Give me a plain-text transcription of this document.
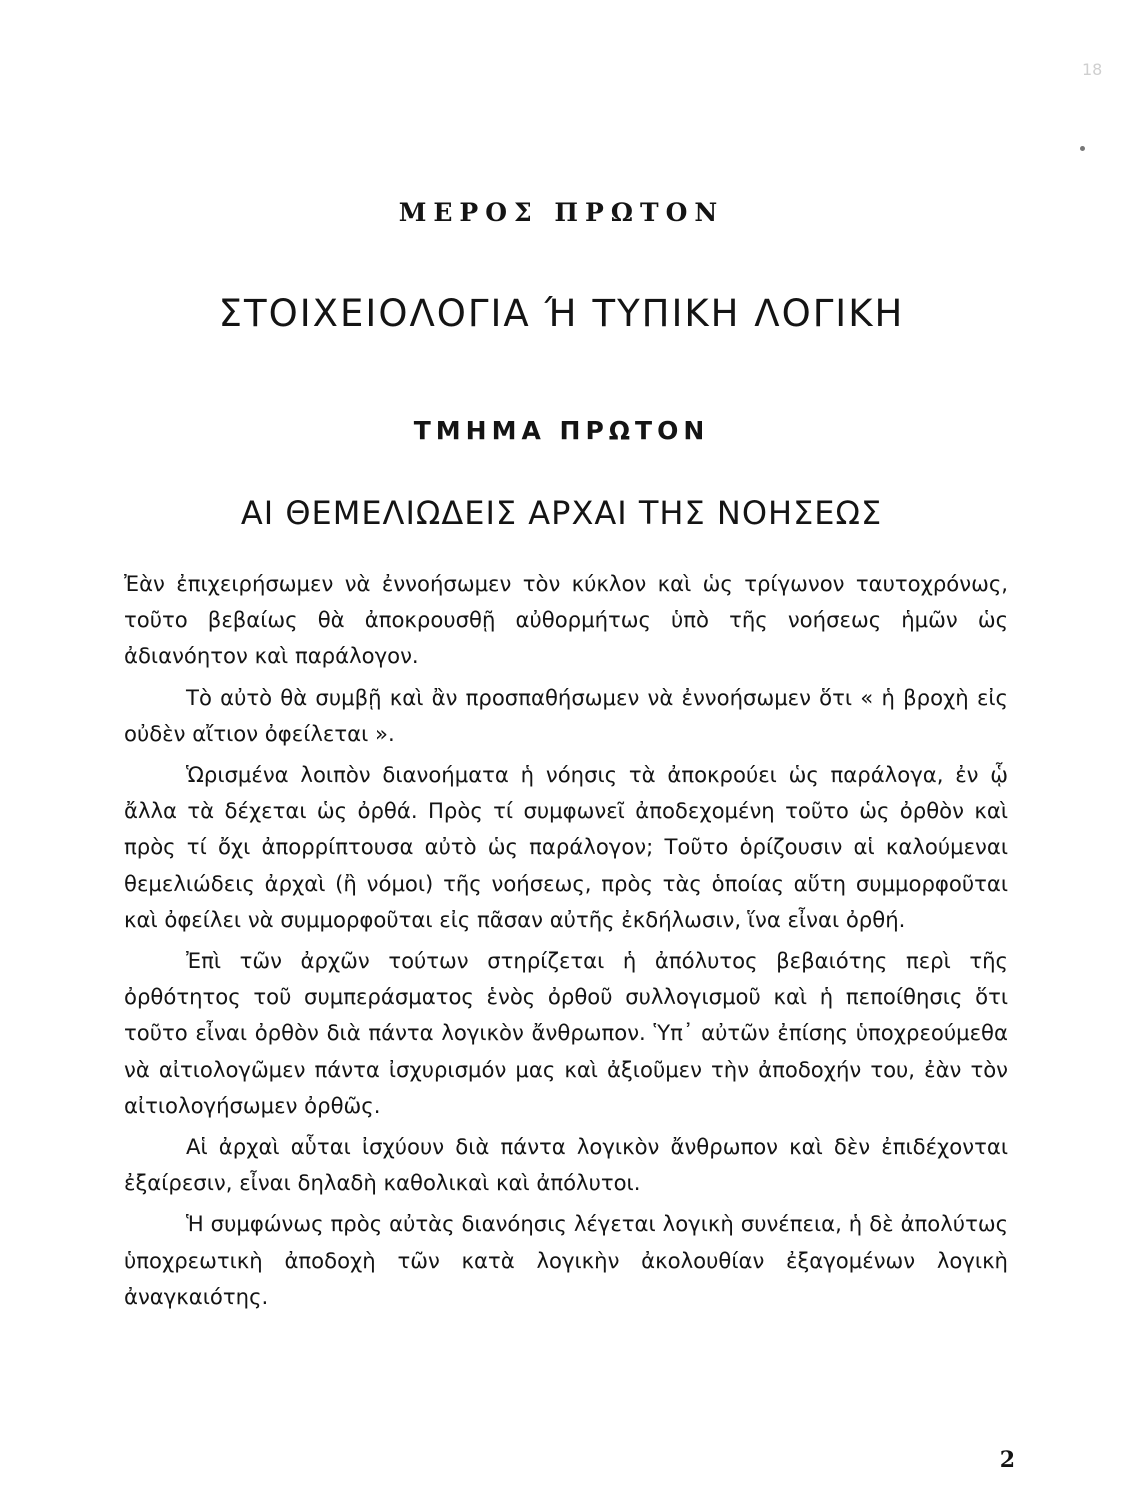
18
ΜΕΡΟΣ ΠΡΩΤΟΝ
ΣΤΟΙΧΕΙΟΛΟΓΙΑ Ή ΤΥΠΙΚΗ ΛΟΓΙΚΗ
ΤΜΗΜΑ ΠΡΩΤΟΝ
ΑΙ ΘΕΜΕΛΙΩΔΕΙΣ ΑΡΧΑΙ ΤΗΣ ΝΟΗΣΕΩΣ

Ἐὰν ἐπιχειρήσωμεν νὰ ἐννοήσωμεν τὸν κύκλον καὶ ὡς τρίγωνον ταυτοχρόνως, τοῦτο βεβαίως θὰ ἀποκρουσθῇ αὐθορμήτως ὑπὸ τῆς νοήσεως ἡμῶν ὡς ἀδιανόητον καὶ παράλογον.

Τὸ αὐτὸ θὰ συμβῇ καὶ ἂν προσπαθήσωμεν νὰ ἐννοήσωμεν ὅτι « ἡ βροχὴ εἰς οὐδὲν αἴτιον ὀφείλεται ».

Ὡρισμένα λοιπὸν διανοήματα ἡ νόησις τὰ ἀποκρούει ὡς παράλογα, ἐν ᾧ ἄλλα τὰ δέχεται ὡς ὀρθά. Πρὸς τί συμφωνεῖ ἀποδεχομένη τοῦτο ὡς ὀρθὸν καὶ πρὸς τί ὄχι ἀπορρίπτουσα αὐτὸ ὡς παράλογον; Τοῦτο ὁρίζουσιν αἱ καλούμεναι θεμελιώδεις ἀρχαὶ (ἢ νόμοι) τῆς νοήσεως, πρὸς τὰς ὁποίας αὕτη συμμορφοῦται καὶ ὀφείλει νὰ συμμορφοῦται εἰς πᾶσαν αὐτῆς ἐκδήλωσιν, ἵνα εἶναι ὀρθή.

Ἐπὶ τῶν ἀρχῶν τούτων στηρίζεται ἡ ἀπόλυτος βεβαιότης περὶ τῆς ὀρθότητος τοῦ συμπεράσματος ἑνὸς ὀρθοῦ συλλογισμοῦ καὶ ἡ πεποίθησις ὅτι τοῦτο εἶναι ὀρθὸν διὰ πάντα λογικὸν ἄνθρωπον. Ὑπ᾽ αὐτῶν ἐπίσης ὑποχρεούμεθα νὰ αἰτιολογῶμεν πάντα ἰσχυρισμόν μας καὶ ἀξιοῦμεν τὴν ἀποδοχήν του, ἐὰν τὸν αἰτιολογήσωμεν ὀρθῶς.

Αἱ ἀρχαὶ αὗται ἰσχύουν διὰ πάντα λογικὸν ἄνθρωπον καὶ δὲν ἐπιδέχονται ἐξαίρεσιν, εἶναι δηλαδὴ καθολικαὶ καὶ ἀπόλυτοι.

Ἡ συμφώνως πρὸς αὐτὰς διανόησις λέγεται λογικὴ συνέπεια, ἡ δὲ ἀπολύτως ὑποχρεωτικὴ ἀποδοχὴ τῶν κατὰ λογικὴν ἀκολουθίαν ἐξαγομένων λογικὴ ἀναγκαιότης.

2
